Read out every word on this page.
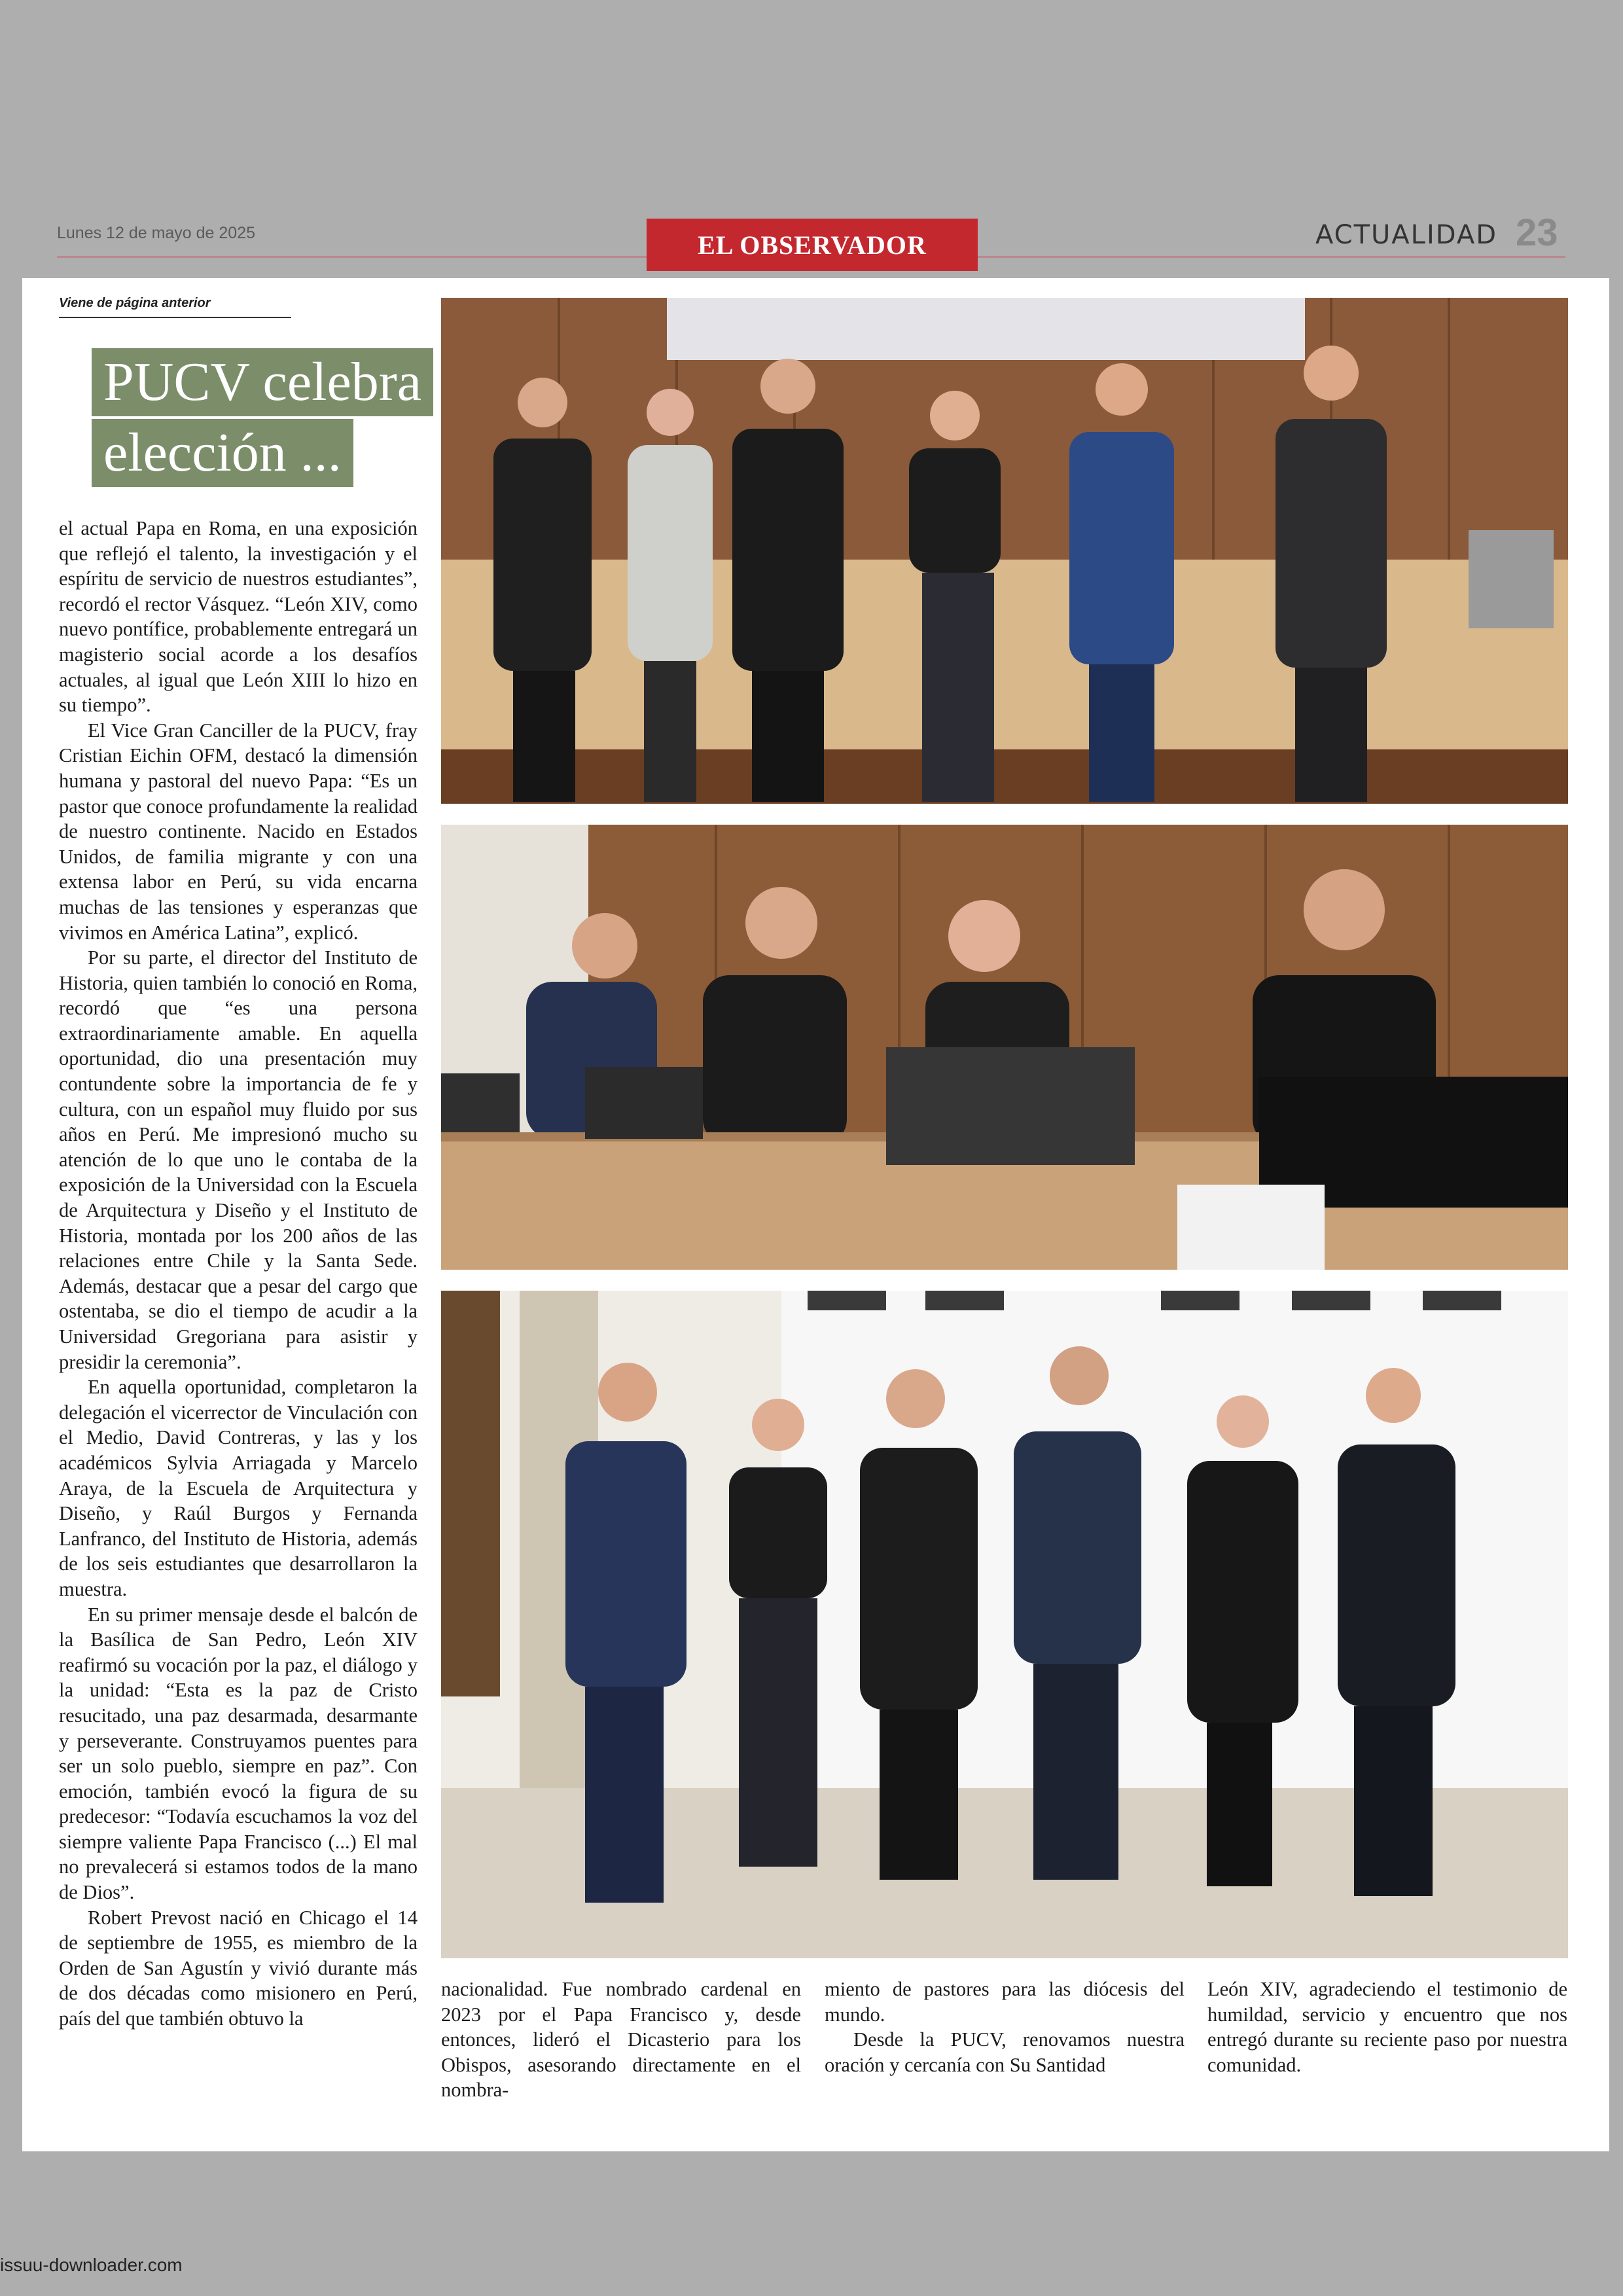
Lunes 12 de mayo de 2025	EL OBSERVADOR	ACTUALIDAD 23
Viene de página anterior
PUCV celebra
elección ...

el actual Papa en Roma, en una exposición que reflejó el talento, la investigación y el espíritu de servicio de nuestros estudiantes”, recordó el rector Vásquez. “León XIV, como nuevo pontífice, probablemente entregará un magisterio social acorde a los desafíos actuales, al igual que León XIII lo hizo en su tiempo”.

El Vice Gran Canciller de la PUCV, fray Cristian Eichin OFM, destacó la dimensión humana y pastoral del nuevo Papa: “Es un pastor que conoce profundamente la realidad de nuestro continente. Nacido en Estados Unidos, de familia migrante y con una extensa labor en Perú, su vida encarna muchas de las tensiones y esperanzas que vivimos en América Latina”, explicó.

Por su parte, el director del Instituto de Historia, quien también lo conoció en Roma, recordó que “es una persona extraordinariamente amable. En aquella oportunidad, dio una presentación muy contundente sobre la importancia de fe y cultura, con un español muy fluido por sus años en Perú. Me impresionó mucho su atención de lo que uno le contaba de la exposición de la Universidad con la Escuela de Arquitectura y Diseño y el Instituto de Historia, montada por los 200 años de las relaciones entre Chile y la Santa Sede. Además, destacar que a pesar del cargo que ostentaba, se dio el tiempo de acudir a la Universidad Gregoriana para asistir y presidir la ceremonia”.

En aquella oportunidad, completaron la delegación el vicerrector de Vinculación con el Medio, David Contreras, y las y los académicos Sylvia Arriagada y Marcelo Araya, de la Escuela de Arquitectura y Diseño, y Raúl Burgos y Fernanda Lanfranco, del Instituto de Historia, además de los seis estudiantes que desarrollaron la muestra.

En su primer mensaje desde el balcón de la Basílica de San Pedro, León XIV reafirmó su vocación por la paz, el diálogo y la unidad: “Esta es la paz de Cristo resucitado, una paz desarmada, desarmante y perseverante. Construyamos puentes para ser un solo pueblo, siempre en paz”. Con emoción, también evocó la figura de su predecesor: “Todavía escuchamos la voz del siempre valiente Papa Francisco (...) El mal no prevalecerá si estamos todos de la mano de Dios”.

Robert Prevost nació en Chicago el 14 de septiembre de 1955, es miembro de la Orden de San Agustín y vivió durante más de dos décadas como misionero en Perú, país del que también obtuvo la

nacionalidad. Fue nombrado cardenal en 2023 por el Papa Francisco y, desde entonces, lideró el Dicasterio para los Obispos, asesorando directamente en el nombra-

miento de pastores para las diócesis del mundo.

Desde la PUCV, renovamos nuestra oración y cercanía con Su Santidad

León XIV, agradeciendo el testimonio de humildad, servicio y encuentro que nos entregó durante su reciente paso por nuestra comunidad.

issuu-downloader.com
